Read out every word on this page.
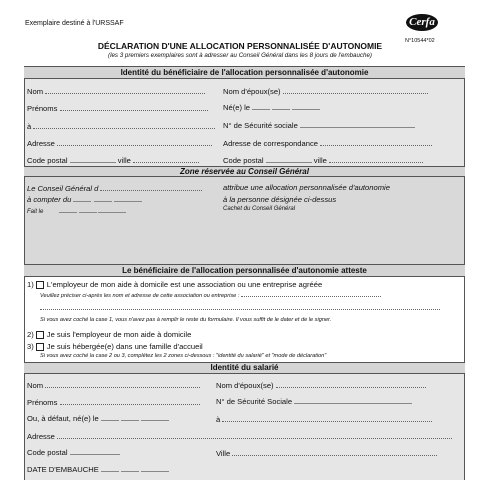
Exemplaire destiné à l'URSSAF	Cerfa
N°10544*02
DÉCLARATION D'UNE ALLOCATION PERSONNALISÉE D'AUTONOMIE
(les 3 premiers exemplaires sont à adresser au Conseil Général dans les 8 jours de l'embauche)
Identité du bénéficiaire de l'allocation personnalisée d'autonomie
Nom	Nom d'époux(se)
Prénoms	Né(e) le
à	N° de Sécurité sociale
Adresse	Adresse de correspondance
Code postal	ville	Code postal	ville
Zone réservée au Conseil Général
Le Conseil Général d	attribue une allocation personnalisée d'autonomie
à compter du	à la personne désignée ci-dessus
Fait le	Cachet du Conseil Général
Le bénéficiaire de l'allocation personnalisée d'autonomie atteste
1) L'employeur de mon aide à domicile est une association ou une entreprise agréée
Veuillez préciser ci-après les nom et adresse de cette association ou entreprise :
Si vous avez coché la case 1, vous n'avez pas à remplir le reste du formulaire. Il vous suffit de le dater et de le signer.
2) Je suis l'employeur de mon aide à domicile
3) Je suis hébergée(e) dans une famille d'accueil
Si vous avez coché la case 2 ou 3, complétez les 2 zones ci-dessous : "identité du salarié" et "mode de déclaration"
Identité du salarié
Nom	Nom d'époux(se)
Prénoms	N° de Sécurité Sociale
Ou, à défaut, né(e) le	à
Adresse
Code postal	Ville
DATE D'EMBAUCHE
